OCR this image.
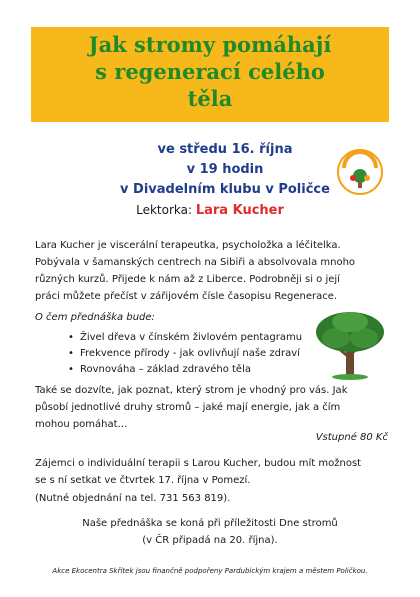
Jak stromy pomáhají
s regenerací celého
těla
ve středu 16. října
v 19 hodin
v Divadelním klubu v Poličce
Lektorka: Lara Kucher
Lara Kucher je viscerální terapeutka, psycholožka a léčitelka. Pobývala v šamanských centrech na Sibiři a absolvovala mnoho různých kurzů. Přijede k nám až z Liberce. Podrobněji si o její práci můžete přečíst v zářijovém čísle časopisu Regenerace.
O čem přednáška bude:
• Živel dřeva v čínském živlovém pentagramu
• Frekvence přírody - jak ovlivňují naše zdraví
• Rovnováha – základ zdravého těla
Také se dozvíte, jak poznat, který strom je vhodný pro vás. Jak působí jednotlivé druhy stromů – jaké mají energie, jak a čím mohou pomáhat…
Vstupné 80 Kč
Zájemci o individuální terapii s Larou Kucher, budou mít možnost se s ní setkat ve čtvrtek 17. října v Pomezí.
(Nutné objednání na tel. 731 563 819).
Naše přednáška se koná při příležitosti Dne stromů
(v ČR připadá na 20. října).
Akce Ekocentra Skřítek jsou finančně podpořeny Pardubickým krajem a městem Poličkou.
